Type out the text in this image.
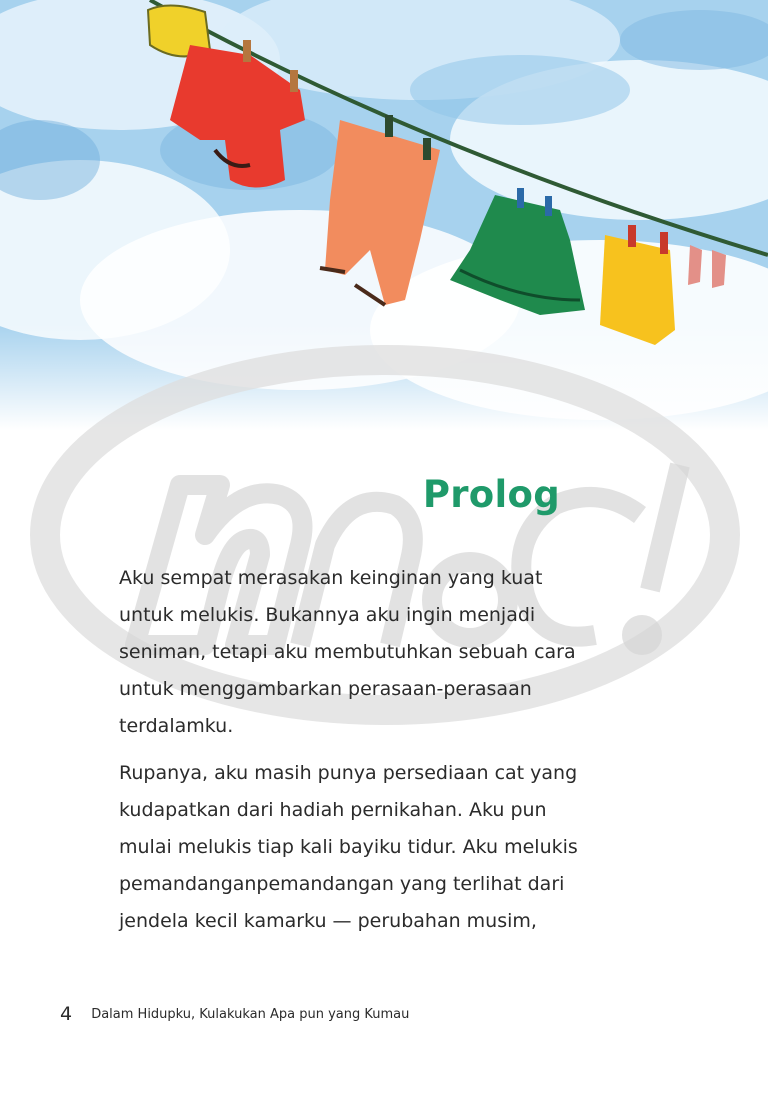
Prolog

Aku sempat merasakan keinginan yang kuat
untuk melukis. Bukannya aku ingin menjadi
seniman, tetapi aku membutuhkan sebuah cara
untuk menggambarkan perasaan-perasaan
terdalamku.

Rupanya, aku masih punya persediaan cat yang
kudapatkan dari hadiah pernikahan. Aku pun
mulai melukis tiap kali bayiku tidur. Aku melukis
pemandanganpemandangan yang terlihat dari
jendela kecil kamarku — perubahan musim,

4 Dalam Hidupku, Kulakukan Apa pun yang Kumau
